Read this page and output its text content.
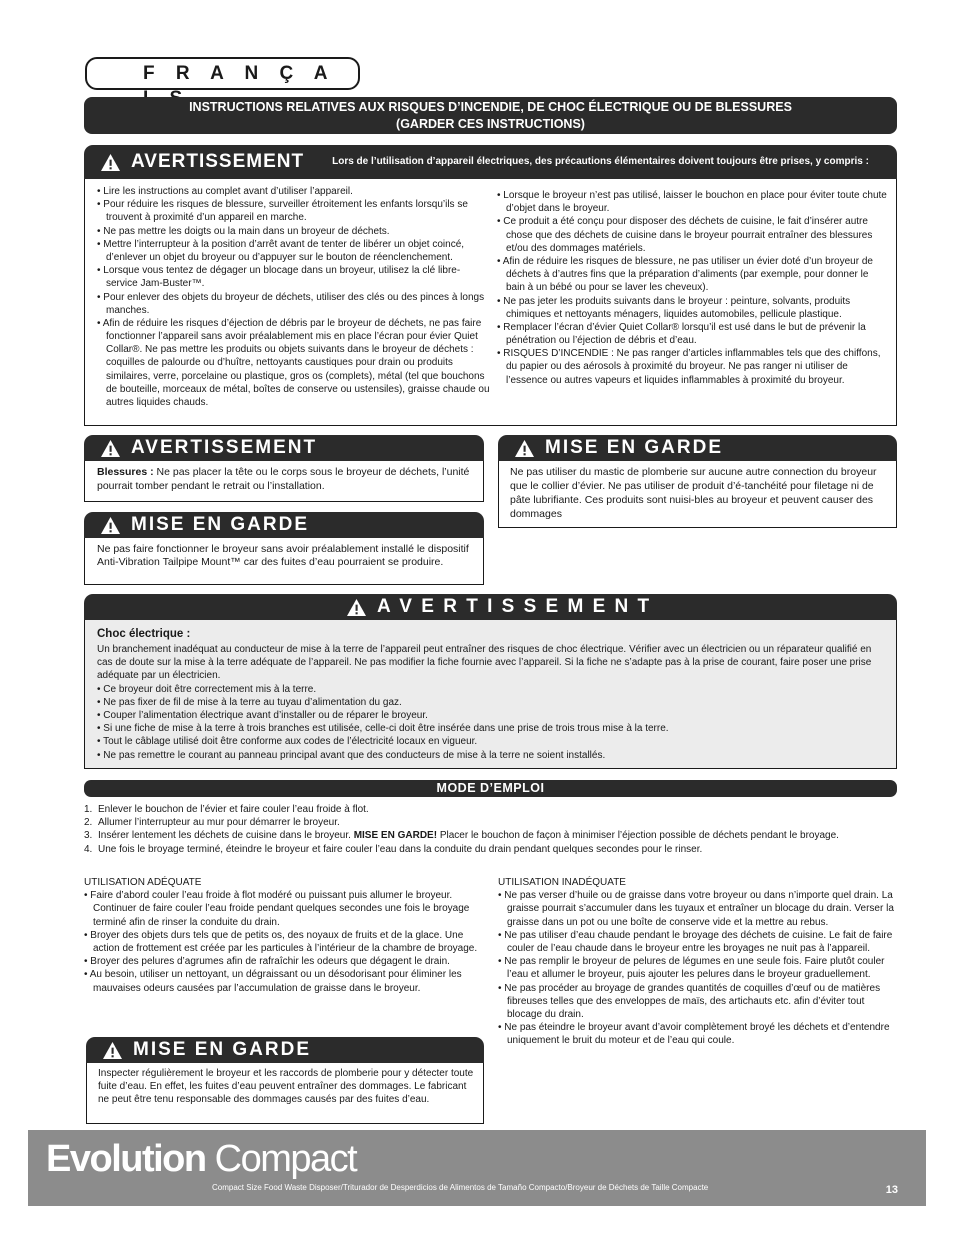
F R A N Ç A
INSTRUCTIONS RELATIVES AUX RISQUES D’INCENDIE, DE CHOC ÉLECTRIQUE OU DE BLESSURES
(GARDER CES INSTRUCTIONS)
AVERTISSEMENT	Lors de l’utilisation d’appareil électriques, des précautions élémentaires doivent toujours être prises, y compris :
• Lire les instructions au complet avant d’utiliser l’appareil.
• Pour réduire les risques de blessure, surveiller étroitement les enfants lorsqu’ils se trouvent à proximité d’un appareil en marche.
• Ne pas mettre les doigts ou la main dans un broyeur de déchets.
• Mettre l’interrupteur à la position d’arrêt avant de tenter de libérer un objet coincé, d’enlever un objet du broyeur ou d’appuyer sur le bouton de réenclenchement.
• Lorsque vous tentez de dégager un blocage dans un broyeur, utilisez la clé libre-service Jam-Buster™.
• Pour enlever des objets du broyeur de déchets, utiliser des clés ou des pinces à longs manches.
• Afin de réduire les risques d’éjection de débris par le broyeur de déchets, ne pas faire fonctionner l’appareil sans avoir préalablement mis en place l’écran pour évier Quiet Collar®. Ne pas mettre les produits ou objets suivants dans le broyeur de déchets : coquilles de palourde ou d’huître, nettoyants caustiques pour drain ou produits similaires, verre, porcelaine ou plastique, gros os (complets), métal (tel que bouchons de bouteille, morceaux de métal, boîtes de conserve ou ustensiles), graisse chaude ou autres liquides chauds.
• Lorsque le broyeur n’est pas utilisé, laisser le bouchon en place pour éviter toute chute d’objet dans le broyeur.
• Ce produit a été conçu pour disposer des déchets de cuisine, le fait d’insérer autre chose que des déchets de cuisine dans le broyeur pourrait entraîner des blessures et/ou des dommages matériels.
• Afin de réduire les risques de blessure, ne pas utiliser un évier doté d’un broyeur de déchets à d’autres fins que la préparation d’aliments (par exemple, pour donner le bain à un bébé ou pour se laver les cheveux).
• Ne pas jeter les produits suivants dans le broyeur : peinture, solvants, produits chimiques et nettoyants ménagers, liquides automobiles, pellicule plastique.
• Remplacer l’écran d’évier Quiet Collar® lorsqu’il est usé dans le but de prévenir la pénétration ou l’éjection de débris et d’eau.
• RISQUES D’INCENDIE : Ne pas ranger d’articles inflammables tels que des chiffons, du papier ou des aérosols à proximité du broyeur. Ne pas ranger ni utiliser de l’essence ou autres vapeurs et liquides inflammables à proximité du broyeur.
AVERTISSEMENT
Blessures : Ne pas placer la tête ou le corps sous le broyeur de déchets, l’unité pourrait tomber pendant le retrait ou l’installation.
MISE EN GARDE
Ne pas utiliser du mastic de plomberie sur aucune autre connection du broyeur que le collier d’évier. Ne pas utiliser de produit d’é-tanchéité pour filetage ni de pâte lubrifiante. Ces produits sont nuisi-bles au broyeur et peuvent causer des dommages
MISE EN GARDE
Ne pas faire fonctionner le broyeur sans avoir préalablement installé le dispositif Anti-Vibration Tailpipe Mount™ car des fuites d’eau pourraient se produire.
A V E R T I S S E M E N T
Choc électrique :
Un branchement inadéquat au conducteur de mise à la terre de l’appareil peut entraîner des risques de choc électrique. Vérifier avec un électricien ou un réparateur qualifié en cas de doute sur la mise à la terre adéquate de l’appareil. Ne pas modifier la fiche fournie avec l’appareil. Si la fiche ne s’adapte pas à la prise de courant, faire poser une prise adéquate par un électricien.
• Ce broyeur doit être correctement mis à la terre.
• Ne pas fixer de fil de mise à la terre au tuyau d’alimentation du gaz.
• Couper l’alimentation électrique avant d’installer ou de réparer le broyeur.
• Si une fiche de mise à la terre à trois branches est utilisée, celle-ci doit être insérée dans une prise de trois trous mise à la terre.
• Tout le câblage utilisé doit être conforme aux codes de l’électricité locaux en vigueur.
• Ne pas remettre le courant au panneau principal avant que des conducteurs de mise à la terre ne soient installés.
MODE D’EMPLOI
1. Enlever le bouchon de l’évier et faire couler l’eau froide à flot.
2. Allumer l’interrupteur au mur pour démarrer le broyeur.
3. Insérer lentement les déchets de cuisine dans le broyeur. MISE EN GARDE! Placer le bouchon de façon à minimiser l’éjection possible de déchets pendant le broyage.
4. Une fois le broyage terminé, éteindre le broyeur et faire couler l’eau dans la conduite du drain pendant quelques secondes pour le rinser.
UTILISATION ADÉQUATE
• Faire d’abord couler l’eau froide à flot modéré ou puissant puis allumer le broyeur. Continuer de faire couler l’eau froide pendant quelques secondes une fois le broyage terminé afin de rinser la conduite du drain.
• Broyer des objets durs tels que de petits os, des noyaux de fruits et de la glace. Une action de frottement est créée par les particules à l’intérieur de la chambre de broyage.
• Broyer des pelures d’agrumes afin de rafraîchir les odeurs que dégagent le drain.
• Au besoin, utiliser un nettoyant, un dégraissant ou un désodorisant pour éliminer les mauvaises odeurs causées par l’accumulation de graisse dans le broyeur.
UTILISATION INADÉQUATE
• Ne pas verser d’huile ou de graisse dans votre broyeur ou dans n’importe quel drain. La graisse pourrait s’accumuler dans les tuyaux et entraîner un blocage du drain. Verser la graisse dans un pot ou une boîte de conserve vide et la mettre au rebus.
• Ne pas utiliser d’eau chaude pendant le broyage des déchets de cuisine. Le fait de faire couler de l’eau chaude dans le broyeur entre les broyages ne nuit pas à l’appareil.
• Ne pas remplir le broyeur de pelures de légumes en une seule fois. Faire plutôt couler l’eau et allumer le broyeur, puis ajouter les pelures dans le broyeur graduellement.
• Ne pas procéder au broyage de grandes quantités de coquilles d’œuf ou de matières fibreuses telles que des enveloppes de maïs, des artichauts etc. afin d’éviter tout blocage du drain.
• Ne pas éteindre le broyeur avant d’avoir complètement broyé les déchets et d’entendre uniquement le bruit du moteur et de l’eau qui coule.
MISE EN GARDE
Inspecter régulièrement le broyeur et les raccords de plomberie pour y détecter toute fuite d’eau. En effet, les fuites d’eau peuvent entraîner des dommages. Le fabricant ne peut être tenu responsable des dommages causés par des fuites d’eau.
Evolution Compact
Compact Size Food Waste Disposer/Triturador de Desperdicios de Alimentos de Tamaño Compacto/Broyeur de Déchets de Taille Compacte	13
